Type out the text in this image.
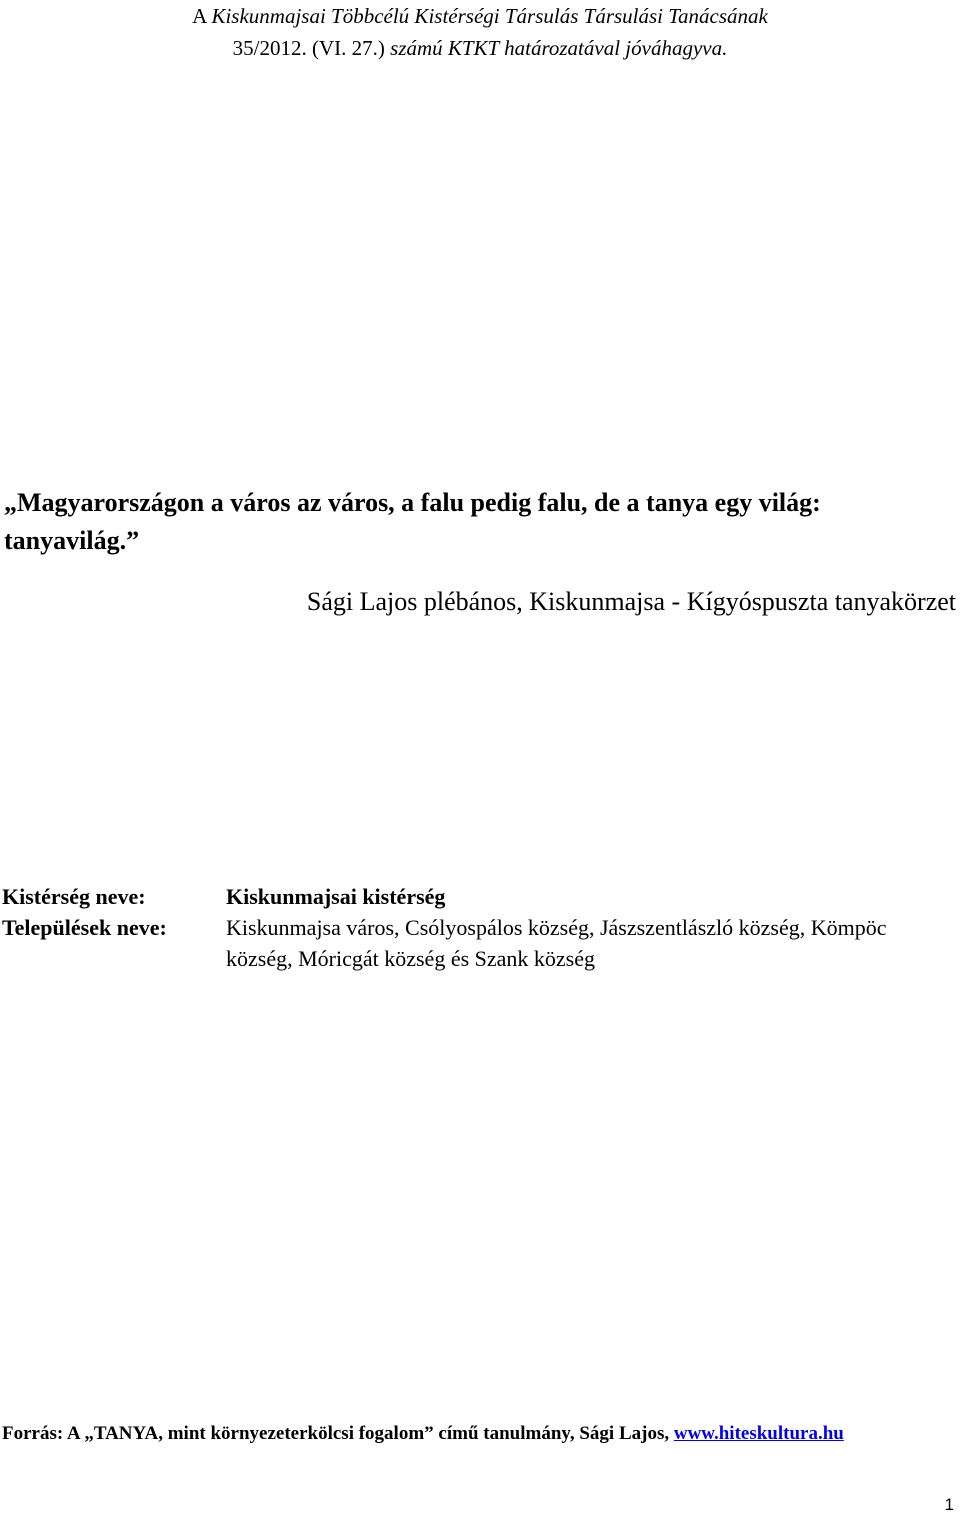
A Kiskunmajsai Többcélú Kistérségi Társulás Társulási Tanácsának
35/2012. (VI. 27.) számú KTKT határozatával jóváhagyva.
„Magyarországon a város az város, a falu pedig falu, de a tanya egy világ: tanyavilág.”
Sági Lajos plébános, Kiskunmajsa - Kígyóspuszta tanyakörzet
Kistérség neve:	Kiskunmajsai kistérség
Települések neve:	Kiskunmajsa város, Csólyospálos község, Jászszentlászló község, Kömpöc község, Móricgát község és Szank község
Forrás: A „TANYA, mint környezeterkölcsi fogalom” című tanulmány, Sági Lajos, www.hiteskultura.hu
1
